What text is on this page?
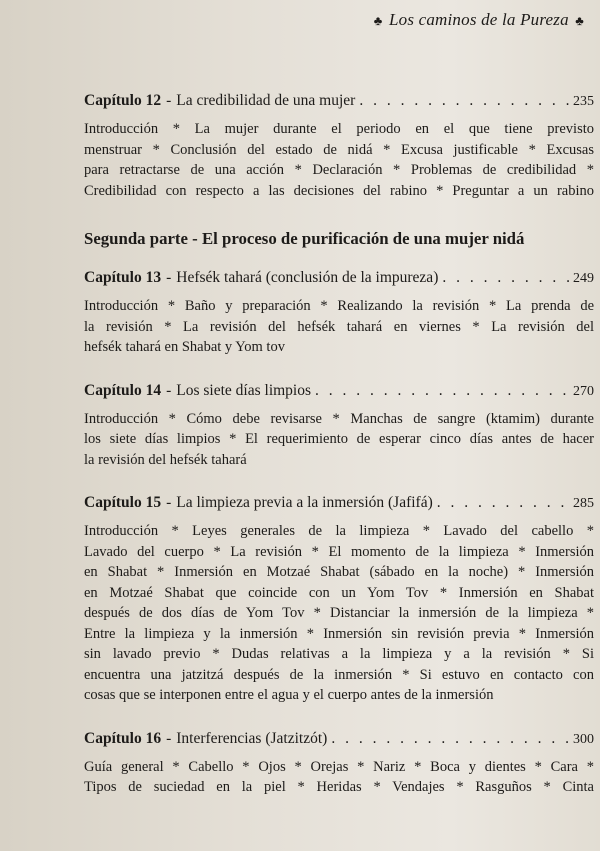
♣ Los caminos de la Pureza ♣
Capítulo 12 - La credibilidad de una mujer . . .	235
Introducción * La mujer durante el periodo en el que tiene previsto
menstruar * Conclusión del estado de nidá * Excusa justificable * Excusas
para retractarse de una acción * Declaración * Problemas de credibilidad *
Credibilidad con respecto a las decisiones del rabino * Preguntar a un rabino
Segunda parte - El proceso de purificación de una mujer nidá
Capítulo 13 - Hefsék tahará (conclusión de la impureza) . . .	249
Introducción * Baño y preparación * Realizando la revisión * La prenda de
la revisión * La revisión del hefsék tahará en viernes * La revisión del
hefsék tahará en Shabat y Yom tov
Capítulo 14 - Los siete días limpios . . .	270
Introducción * Cómo debe revisarse * Manchas de sangre (ktamim) durante
los siete días limpios * El requerimiento de esperar cinco días antes de hacer
la revisión del hefsék tahará
Capítulo 15 - La limpieza previa a la inmersión (Jafifá) . . .	285
Introducción * Leyes generales de la limpieza * Lavado del cabello *
Lavado del cuerpo * La revisión * El momento de la limpieza * Inmersión
en Shabat * Inmersión en Motzaé Shabat (sábado en la noche) * Inmersión
en Motzaé Shabat que coincide con un Yom Tov * Inmersión en Shabat
después de dos días de Yom Tov * Distanciar la inmersión de la limpieza *
Entre la limpieza y la inmersión * Inmersión sin revisión previa * Inmersión
sin lavado previo * Dudas relativas a la limpieza y a la revisión * Si
encuentra una jatzitzá después de la inmersión * Si estuvo en contacto con
cosas que se interponen entre el agua y el cuerpo antes de la inmersión
Capítulo 16 - Interferencias (Jatzitzót) . . .	300
Guía general * Cabello * Ojos * Orejas * Nariz * Boca y dientes * Cara *
Tipos de suciedad en la piel * Heridas * Vendajes * Rasguños * Cinta
